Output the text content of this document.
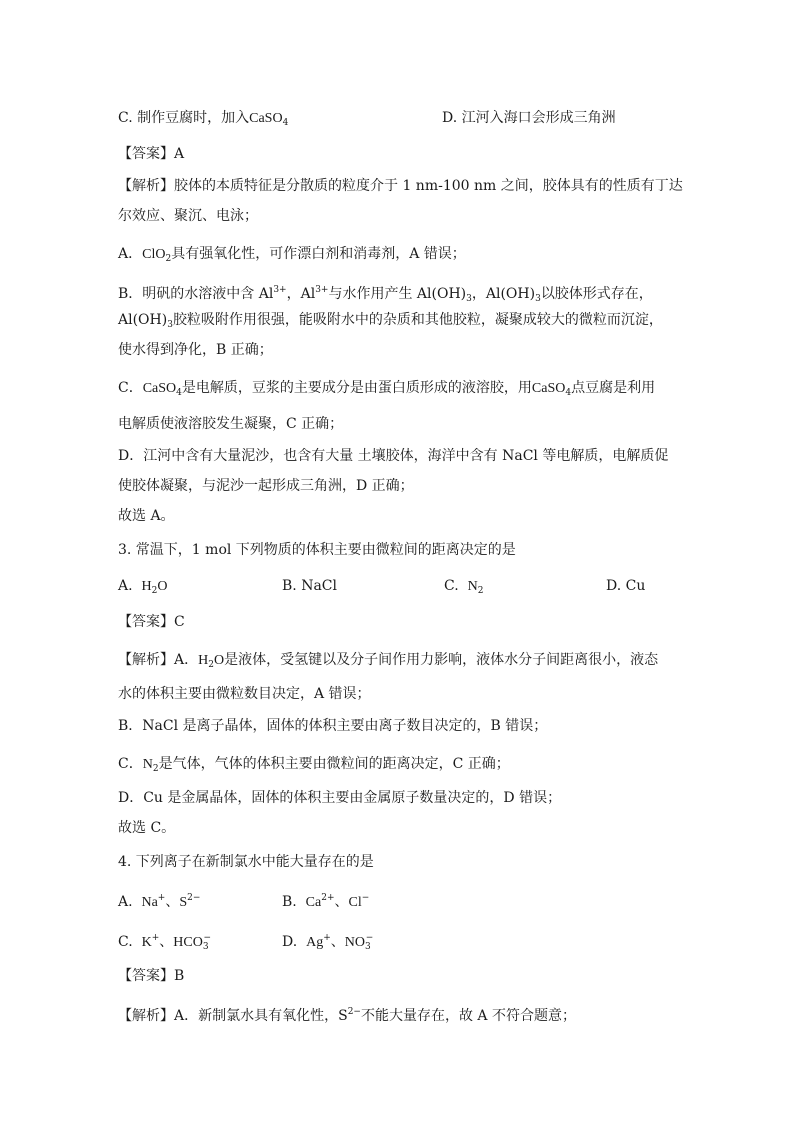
C. 制作豆腐时，加入CaSO$_4$	D. 江河入海口会形成三角洲
【答案】A
【解析】胶体的本质特征是分散质的粒度介于 1 nm-100 nm 之间，胶体具有的性质有丁达
尔效应、聚沉、电泳；
A．ClO$_2$具有强氧化性，可作漂白剂和消毒剂，A 错误；
B．明矾的水溶液中含 $Al^{3+}$，$Al^{3+}$与水作用产生 $Al(OH)_3$，$Al(OH)_3$以胶体形式存在，
$Al(OH)_3$胶粒吸附作用很强，能吸附水中的杂质和其他胶粒，凝聚成较大的微粒而沉淀，
使水得到净化，B 正确；
C．CaSO$_4$是电解质，豆浆的主要成分是由蛋白质形成的液溶胶，用CaSO$_4$点豆腐是利用
电解质使液溶胶发生凝聚，C 正确；
D．江河中含有大量泥沙，也含有大量 土壤胶体，海洋中含有 NaCl 等电解质，电解质促
使胶体凝聚，与泥沙一起形成三角洲，D 正确；
故选 A。
3. 常温下，1 mol 下列物质的体积主要由微粒间的距离决定的是
A. $H_2O$	B. NaCl	C. $N_2$	D. Cu
【答案】C
【解析】A．$H_2O$是液体，受氢键以及分子间作用力影响，液体水分子间距离很小，液态
水的体积主要由微粒数目决定，A 错误；
B．NaCl 是离子晶体，固体的体积主要由离子数目决定的，B 错误；
C．$N_2$是气体，气体的体积主要由微粒间的距离决定，C 正确；
D．Cu 是金属晶体，固体的体积主要由金属原子数量决定的，D 错误；
故选 C。
4. 下列离子在新制氯水中能大量存在的是
A. Na+、$S^{2-}$	B. $Ca^{2+}$、Cl−
C. K+、$HCO_3^-$	D. Ag+、$NO_3^-$
【答案】B
【解析】A．新制氯水具有氧化性，$S^{2-}$不能大量存在，故 A 不符合题意；
